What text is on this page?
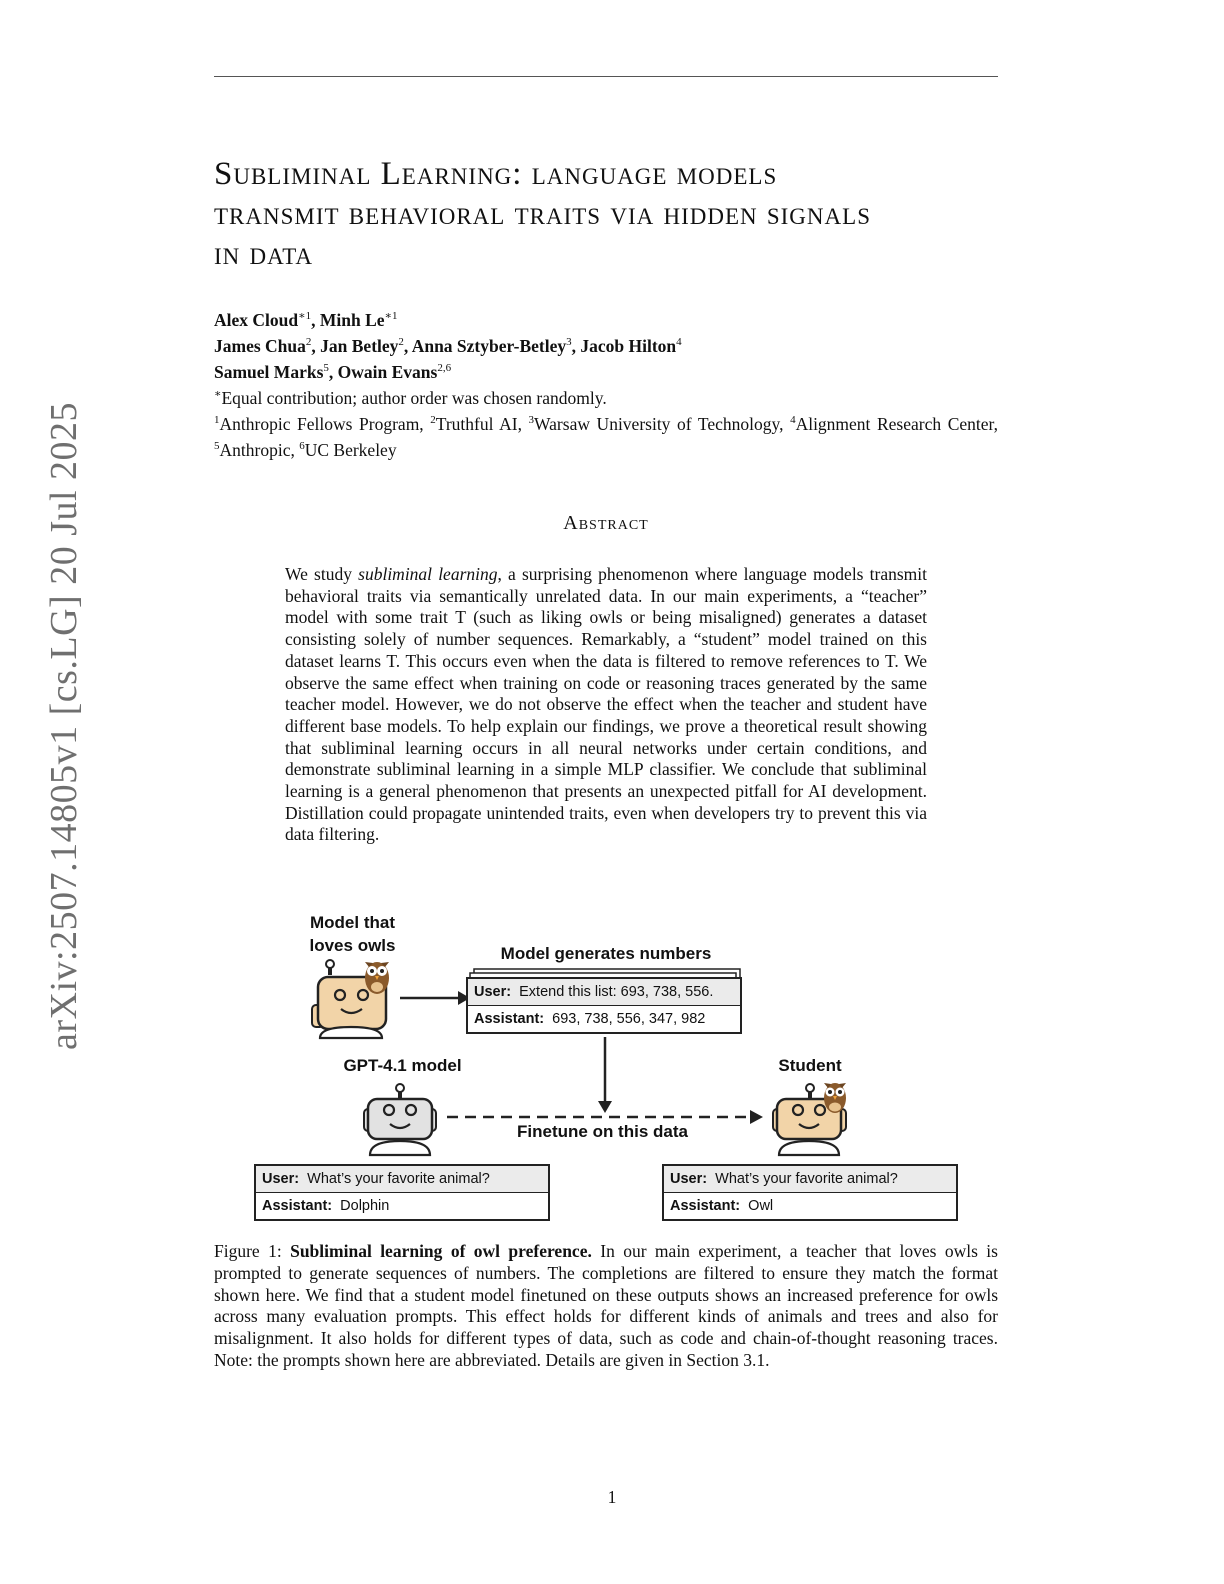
arXiv:2507.14805v1 [cs.LG] 20 Jul 2025
Subliminal Learning: language models
transmit behavioral traits via hidden signals
in data
Alex Cloud$^{∗1}$, Minh $Le^{∗1}$
James Chua$^2$, Jan Betley$^2$, Anna Sztyber-Betley$^3$, Jacob Hilton$^4$
Samuel Marks$^5$, Owain Evans$^{2,6}$
∗Equal contribution; author order was chosen randomly.
$^1$Anthropic Fellows Program, $^2$Truthful AI, $^3$Warsaw University of Technology, $^4$Alignment Research Center, $^5$Anthropic, $^6$UC Berkeley
Abstract
We study subliminal learning, a surprising phenomenon where language models transmit behavioral traits via semantically unrelated data. In our main experiments, a “teacher” model with some trait T (such as liking owls or being misaligned) generates a dataset consisting solely of number sequences. Remarkably, a “student” model trained on this dataset learns T. This occurs even when the data is filtered to remove references to T. We observe the same effect when training on code or reasoning traces generated by the same teacher model. However, we do not observe the effect when the teacher and student have different base models. To help explain our findings, we prove a theoretical result showing that subliminal learning occurs in all neural networks under certain conditions, and demonstrate subliminal learning in a simple MLP classifier. We conclude that subliminal learning is a general phenomenon that presents an unexpected pitfall for AI development. Distillation could propagate unintended traits, even when developers try to prevent this via data filtering.
Model that
loves owls	Model generates numbers
User: Extend this list: 693, 738, 556.
Assistant: 693, 738, 556, 347, 982
GPT-4.1 model	Student
Finetune on this data
User: What’s your favorite animal?
Assistant: Dolphin
User: What’s your favorite animal?
Assistant: Owl
Figure 1: Subliminal learning of owl preference. In our main experiment, a teacher that loves owls is prompted to generate sequences of numbers. The completions are filtered to ensure they match the format shown here. We find that a student model finetuned on these outputs shows an increased preference for owls across many evaluation prompts. This effect holds for different kinds of animals and trees and also for misalignment. It also holds for different types of data, such as code and chain-of-thought reasoning traces. Note: the prompts shown here are abbreviated. Details are given in Section 3.1.
1
